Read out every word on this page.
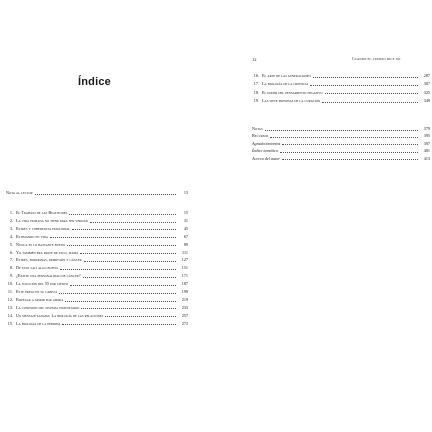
Índice
Nota al lector	13
1. El Trabajo de las Beatitudes	15
2. La vida humana no tiene para ser verdad	31
3. Estrés y coherencia emocional	45
4. Estimando en vida	67
5. Nunca es lo bastante bueno	89
6. Yo también era parte de ello, mamá	111
7. Estrés, hormonas, represión y cáncer	127
8. De esto salí algo bueno	151
9. ¿Existe una personalidad de cáncer?	171
10. La solución del 55 por ciento	187
11. Este preso en su cabeza	199
12. Empezar a morir por ahora	219
13. La conexión del sistema inmunitario	233
14. Un mensaje sanado: La biología de las relaciones	257
15. La biología de la pérdida	273
12	Cuando el cuerpo dice no
16. El arte de las generaciones	287
17. La biología de la creencia	307
18. El poder del pensamiento negativo	325
19. Las siete premisas de la curación	349
Notas	379
Recursos	395
Agradecimientos	397
Índice temático	401
Acerca del autor	413
